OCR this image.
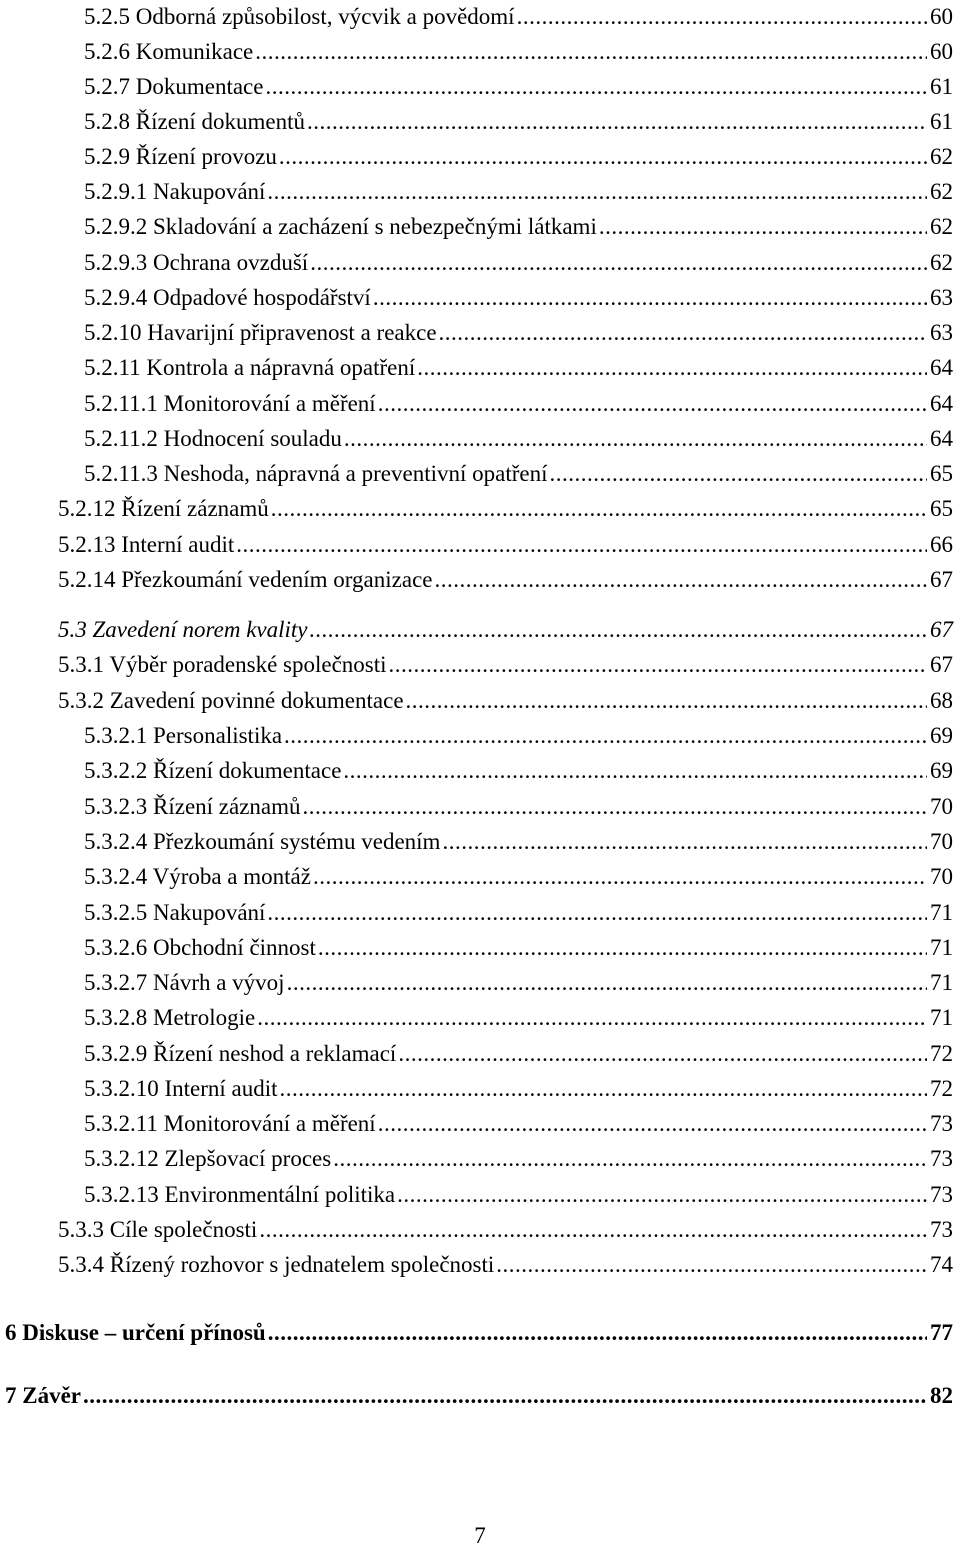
5.2.5 Odborná způsobilost, výcvik a povědomí .....	60
5.2.6 Komunikace .....	60
5.2.7 Dokumentace .....	61
5.2.8 Řízení dokumentů .....	61
5.2.9 Řízení provozu .....	62
5.2.9.1 Nakupování .....	62
5.2.9.2 Skladování a zacházení s nebezpečnými látkami .....	62
5.2.9.3 Ochrana ovzduší .....	62
5.2.9.4 Odpadové hospodářství .....	63
5.2.10 Havarijní připravenost a reakce .....	63
5.2.11 Kontrola a nápravná opatření .....	64
5.2.11.1 Monitorování a měření .....	64
5.2.11.2 Hodnocení souladu .....	64
5.2.11.3 Neshoda, nápravná a preventivní opatření .....	65
5.2.12 Řízení záznamů .....	65
5.2.13 Interní audit .....	66
5.2.14 Přezkoumání vedením organizace .....	67
5.3 Zavedení norem kvality .....	67
5.3.1 Výběr poradenské společnosti .....	67
5.3.2 Zavedení povinné dokumentace .....	68
5.3.2.1 Personalistika .....	69
5.3.2.2 Řízení dokumentace .....	69
5.3.2.3 Řízení záznamů .....	70
5.3.2.4 Přezkoumání systému vedením .....	70
5.3.2.4 Výroba a montáž .....	70
5.3.2.5 Nakupování .....	71
5.3.2.6 Obchodní činnost .....	71
5.3.2.7 Návrh a vývoj .....	71
5.3.2.8 Metrologie .....	71
5.3.2.9 Řízení neshod a reklamací .....	72
5.3.2.10 Interní audit .....	72
5.3.2.11 Monitorování a měření .....	73
5.3.2.12 Zlepšovací proces .....	73
5.3.2.13 Environmentální politika .....	73
5.3.3 Cíle společnosti .....	73
5.3.4 Řízený rozhovor s jednatelem společnosti .....	74
6 Diskuse – určení přínosů .....	77
7 Závěr .....	82
7
